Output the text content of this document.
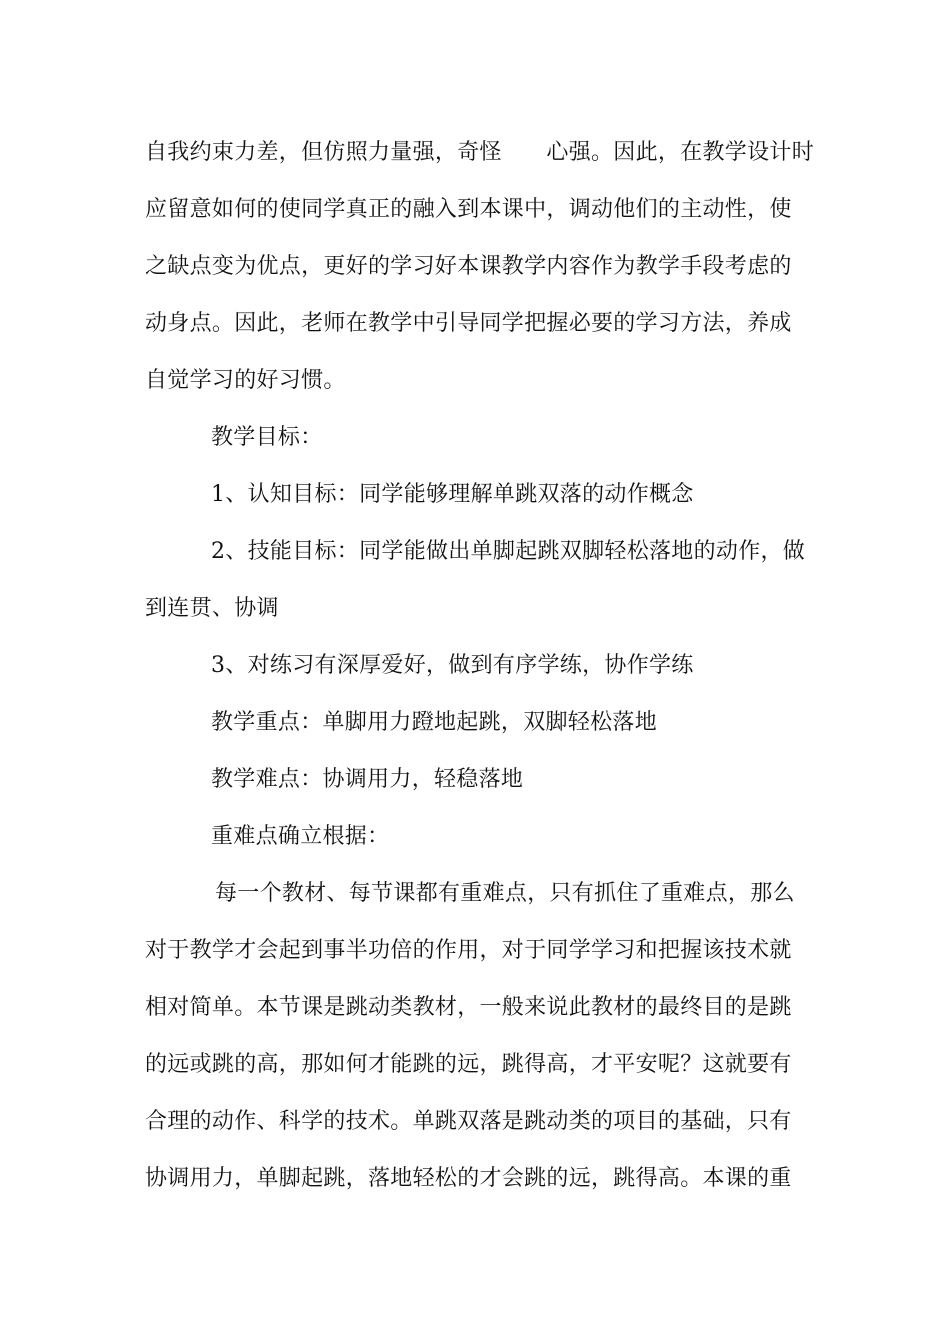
自我约束力差，但仿照力量强，奇怪　　心强。因此，在教学设计时
应留意如何的使同学真正的融入到本课中，调动他们的主动性，使
之缺点变为优点，更好的学习好本课教学内容作为教学手段考虑的
动身点。因此，老师在教学中引导同学把握必要的学习方法，养成
自觉学习的好习惯。
教学目标：
1、认知目标：同学能够理解单跳双落的动作概念
2、技能目标：同学能做出单脚起跳双脚轻松落地的动作，做
到连贯、协调
3、对练习有深厚爱好，做到有序学练，协作学练
教学重点：单脚用力蹬地起跳，双脚轻松落地
教学难点：协调用力，轻稳落地
重难点确立根据：
每一个教材、每节课都有重难点，只有抓住了重难点，那么
对于教学才会起到事半功倍的作用，对于同学学习和把握该技术就
相对简单。本节课是跳动类教材，一般来说此教材的最终目的是跳
的远或跳的高，那如何才能跳的远，跳得高，才平安呢？这就要有
合理的动作、科学的技术。单跳双落是跳动类的项目的基础，只有
协调用力，单脚起跳，落地轻松的才会跳的远，跳得高。本课的重
